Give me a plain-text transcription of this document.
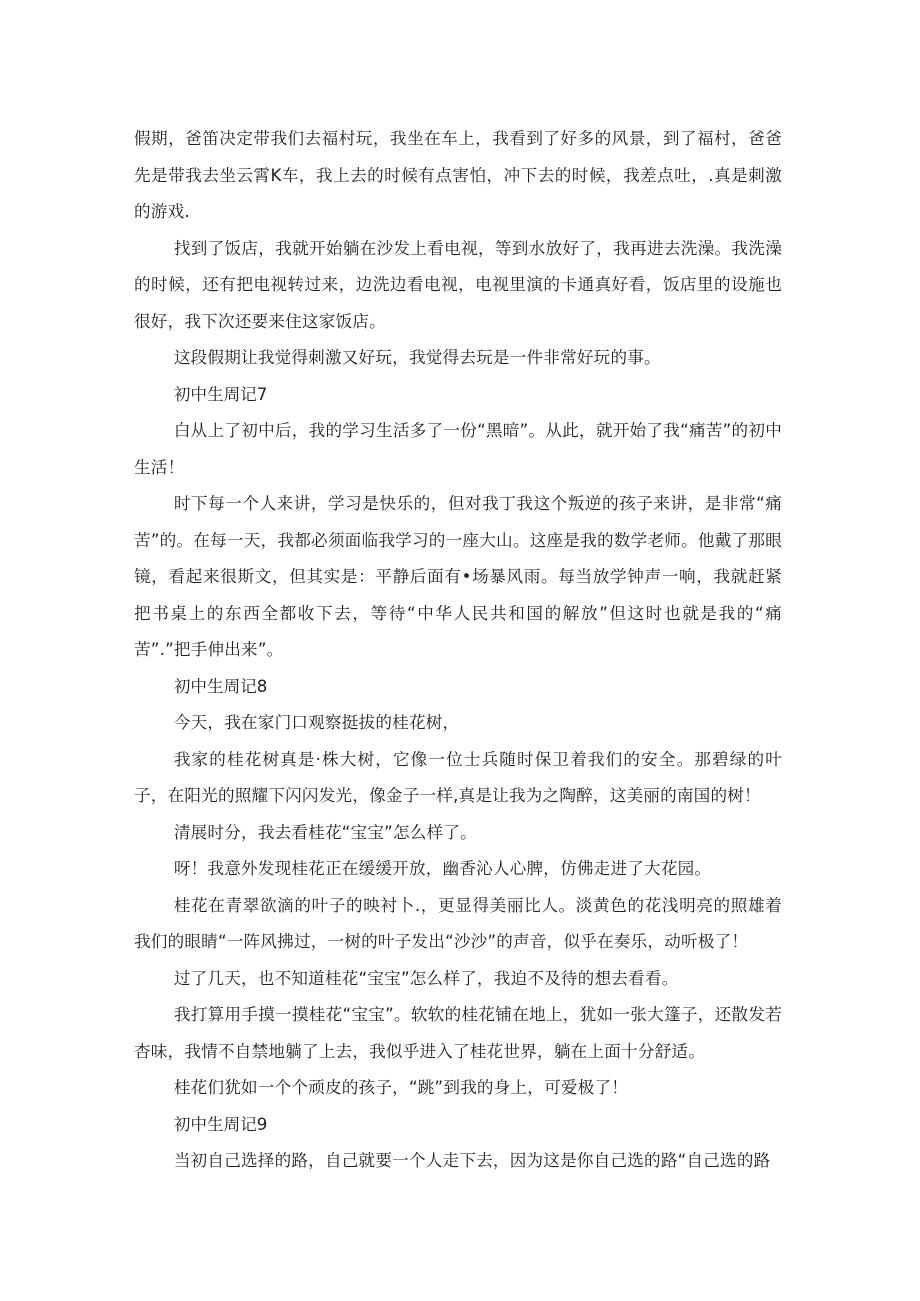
假期，爸笛决定带我们去福村玩，我坐在车上，我看到了好多的风景，到了福村，爸爸先是带我去坐云霄K车，我上去的时候有点害怕，冲下去的时候，我差点吐，.真是刺激的游戏.

找到了饭店，我就开始躺在沙发上看电视，等到水放好了，我再进去洗澡。我洗澡的时候，还有把电视转过来，边洗边看电视，电视里演的卡通真好看，饭店里的设施也很好，我下次还要来住这家饭店。

这段假期让我觉得刺激又好玩，我觉得去玩是一件非常好玩的事。

初中生周记7

白从上了初中后，我的学习生活多了一份“黑暗”。从此，就开始了我“痛苦”的初中生活！

时下每一个人来讲，学习是快乐的，但对我丁我这个叛逆的孩子来讲，是非常“痛苦”的。在每一天，我都必须面临我学习的一座大山。这座是我的数学老师。他戴了那眼镜，看起来很斯文，但其实是：平静后面有•场暴风雨。每当放学钟声一响，我就赶紧把书桌上的东西全都收下去，等待“中华人民共和国的解放”但这时也就是我的“痛苦”.”把手伸出来”。

初中生周记8

今天，我在家门口观察挺拔的桂花树，

我家的桂花树真是·株大树，它像一位士兵随时保卫着我们的安全。那碧绿的叶子，在阳光的照耀下闪闪发光，像金子一样,真是让我为之陶醉，这美丽的南国的树！

清展时分，我去看桂花“宝宝”怎么样了。

呀！我意外发现桂花正在缓缓开放，幽香沁人心脾，仿佛走进了大花园。

桂花在青翠欲滴的叶子的映衬卜.，更显得美丽比人。淡黄色的花浅明亮的照雄着我们的眼睛“一阵风拂过，一树的叶子发出“沙沙”的声音，似乎在奏乐，动听极了！

过了几天，也不知道桂花“宝宝”怎么样了，我迫不及待的想去看看。

我打算用手摸一摸桂花“宝宝”。软软的桂花铺在地上，犹如一张大篷子，还散发若杏味，我情不自禁地躺了上去，我似乎进入了桂花世界，躺在上面十分舒适。

桂花们犹如一个个顽皮的孩子，“跳”到我的身上，可爱极了！

初中生周记9

当初自己选择的路，自己就要一个人走下去，因为这是你自己选的路“自己选的路
